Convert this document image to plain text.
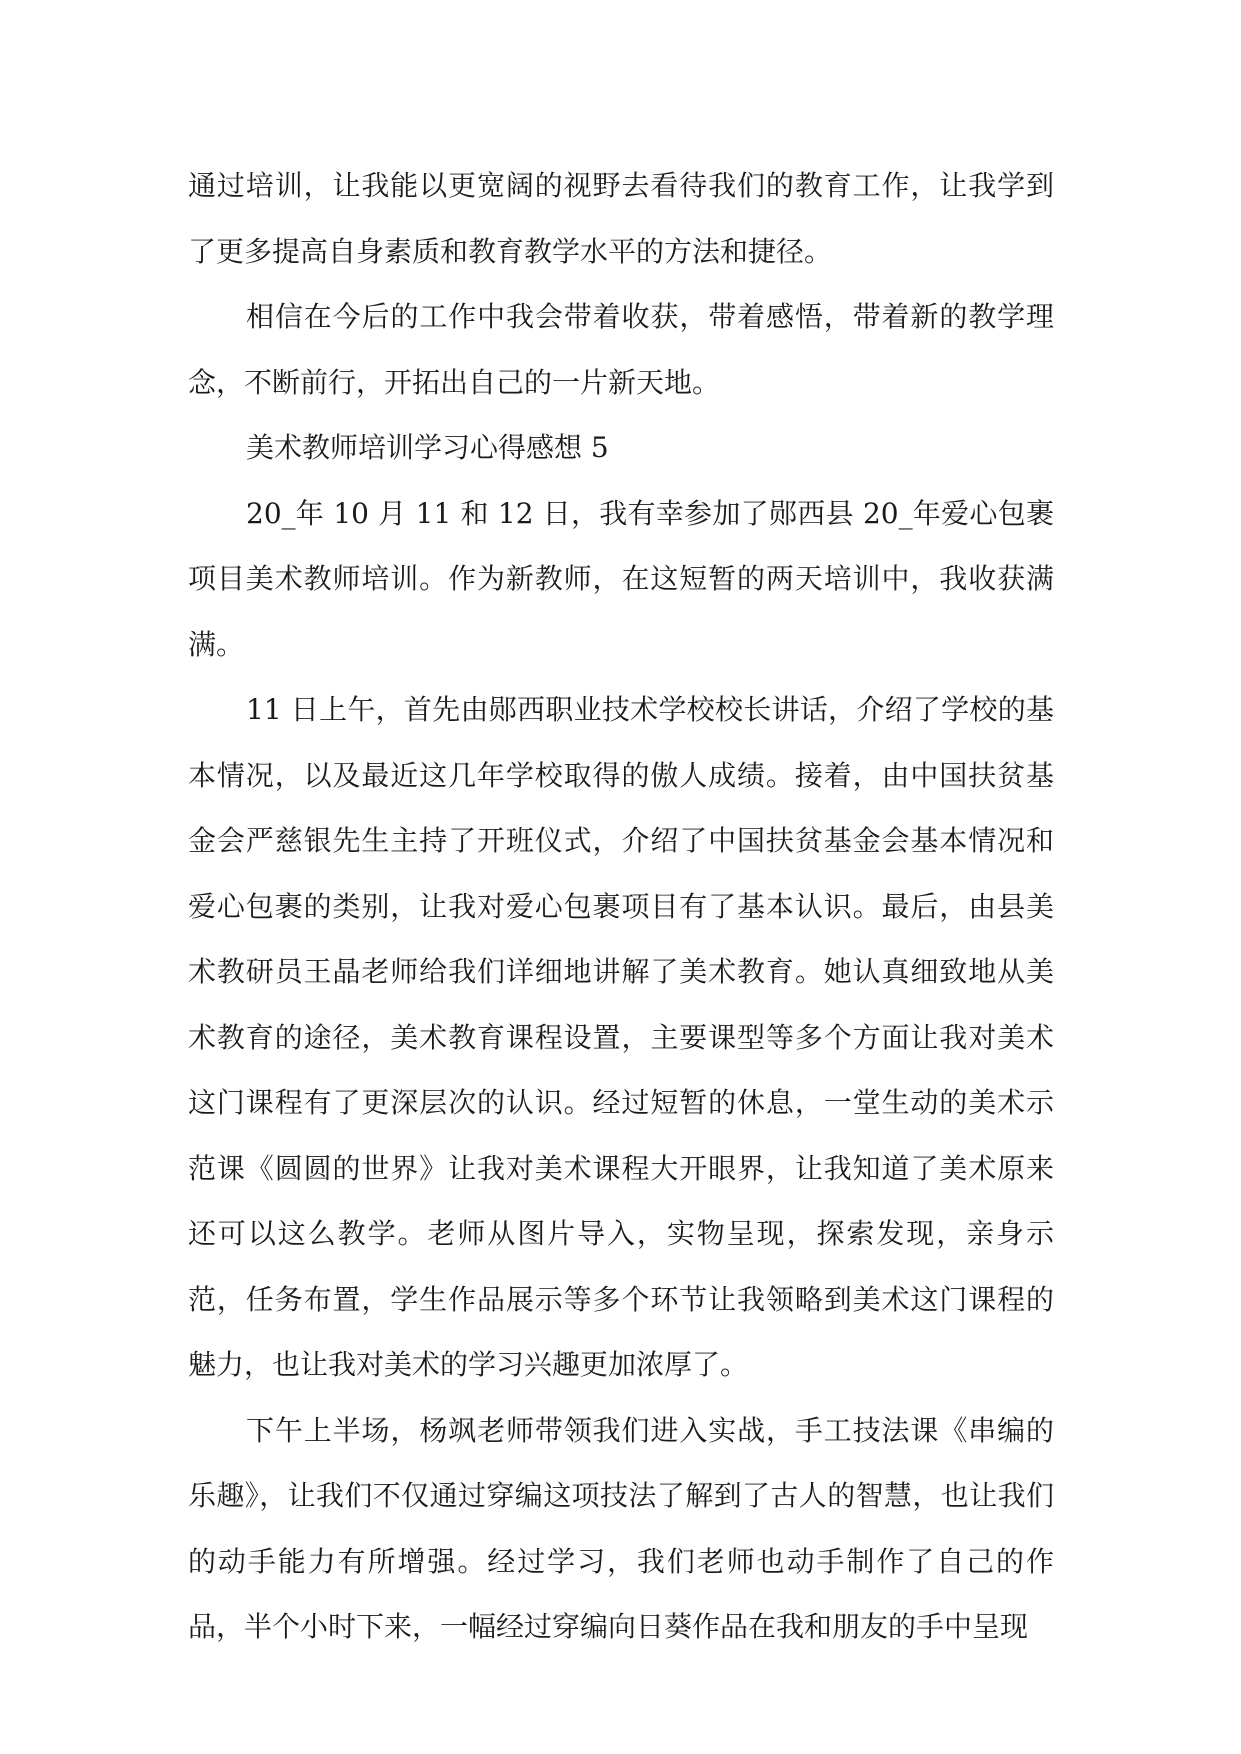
通过培训，让我能以更宽阔的视野去看待我们的教育工作，让我学到了更多提高自身素质和教育教学水平的方法和捷径。

相信在今后的工作中我会带着收获，带着感悟，带着新的教学理念，不断前行，开拓出自己的一片新天地。

美术教师培训学习心得感想 5

20_年 10 月 11 和 12 日，我有幸参加了郧西县 20_年爱心包裹项目美术教师培训。作为新教师，在这短暂的两天培训中，我收获满满。

11 日上午，首先由郧西职业技术学校校长讲话，介绍了学校的基本情况，以及最近这几年学校取得的傲人成绩。接着，由中国扶贫基金会严慈银先生主持了开班仪式，介绍了中国扶贫基金会基本情况和爱心包裹的类别，让我对爱心包裹项目有了基本认识。最后，由县美术教研员王晶老师给我们详细地讲解了美术教育。她认真细致地从美术教育的途径，美术教育课程设置，主要课型等多个方面让我对美术这门课程有了更深层次的认识。经过短暂的休息，一堂生动的美术示范课《圆圆的世界》让我对美术课程大开眼界，让我知道了美术原来还可以这么教学。老师从图片导入，实物呈现，探索发现，亲身示范，任务布置，学生作品展示等多个环节让我领略到美术这门课程的魅力，也让我对美术的学习兴趣更加浓厚了。

下午上半场，杨飒老师带领我们进入实战，手工技法课《串编的乐趣》，让我们不仅通过穿编这项技法了解到了古人的智慧，也让我们的动手能力有所增强。经过学习，我们老师也动手制作了自己的作品，半个小时下来，一幅经过穿编向日葵作品在我和朋友的手中呈现
